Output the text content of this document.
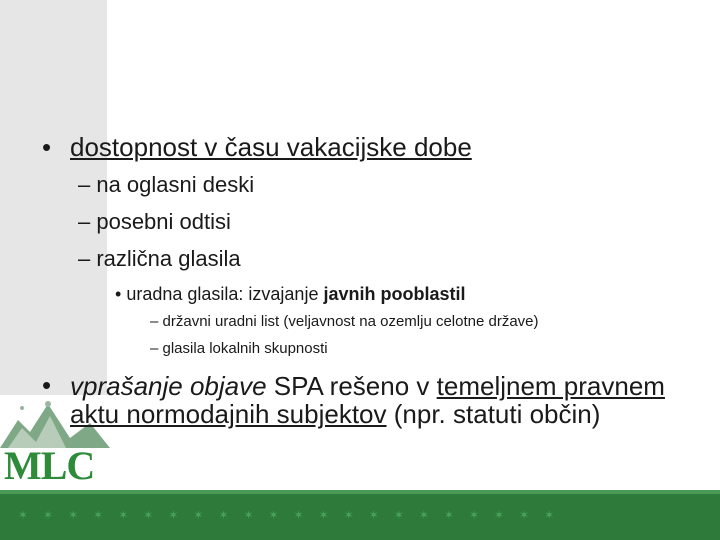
MLC
✶✶✶✶✶✶✶✶✶✶✶✶✶✶✶✶✶✶✶✶✶✶
• dostopnost v času vakacijske dobe
– na oglasni deski
– posebni odtisi
– različna glasila
• uradna glasila: izvajanje javnih pooblastil
– državni uradni list (veljavnost na ozemlju celotne države)
– glasila lokalnih skupnosti
• vprašanje objave SPA rešeno v temeljnem pravnem aktu normodajnih subjektov (npr. statuti občin)
